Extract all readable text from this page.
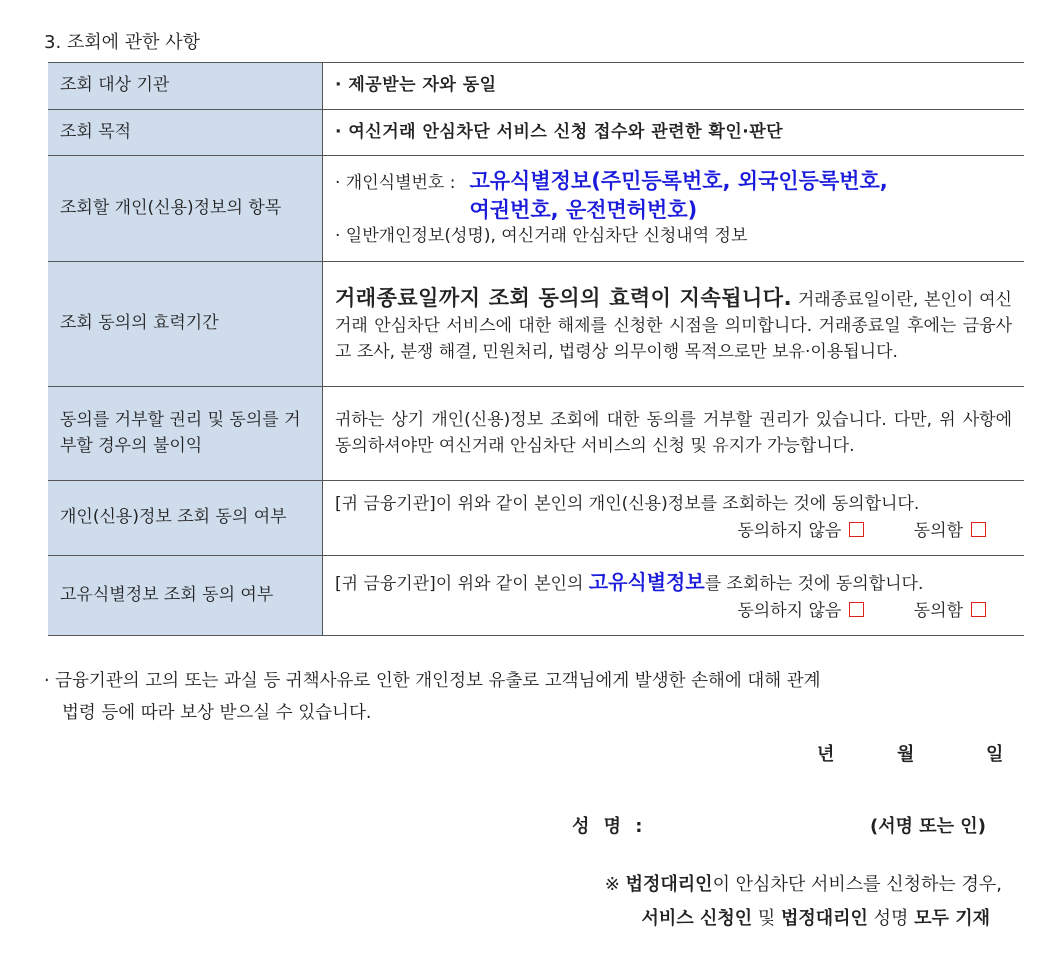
3. 조회에 관한 사항
조회 대상 기관	· 제공받는 자와 동일
조회 목적	· 여신거래 안심차단 서비스 신청 접수와 관련한 확인·판단
조회할 개인(신용)정보의 항목	· 개인식별번호 : 고유식별정보(주민등록번호, 외국인등록번호,
여권번호, 운전면허번호)
· 일반개인정보(성명), 여신거래 안심차단 신청내역 정보

조회 동의의 효력기간	거래종료일까지 조회 동의의 효력이 지속됩니다. 거래종료일이란, 본인이 여신거래 안심차단 서비스에 대한 해제를 신청한 시점을 의미합니다. 거래종료일 후에는 금융사고 조사, 분쟁 해결, 민원처리, 법령상 의무이행 목적으로만 보유·이용됩니다.
동의를 거부할 권리 및 동의를 거부할 경우의 불이익	귀하는 상기 개인(신용)정보 조회에 대한 동의를 거부할 권리가 있습니다. 다만, 위 사항에 동의하셔야만 여신거래 안심차단 서비스의 신청 및 유지가 가능합니다.
개인(신용)정보 조회 동의 여부	[귀 금융기관]이 위와 같이 본인의 개인(신용)정보를 조회하는 것에 동의합니다.
동의하지 않음 동의함

고유식별정보 조회 동의 여부	[귀 금융기관]이 위와 같이 본인의 고유식별정보를 조회하는 것에 동의합니다.
동의하지 않음 동의함
· 금융기관의 고의 또는 과실 등 귀책사유로 인한 개인정보 유출로 고객님에게 발생한 손해에 대해 관계
법령 등에 따라 보상 받으실 수 있습니다.
년	월	일
성 명 :	(서명 또는 인)
※ 법정대리인이 안심차단 서비스를 신청하는 경우,
서비스 신청인 및 법정대리인 성명 모두 기재
